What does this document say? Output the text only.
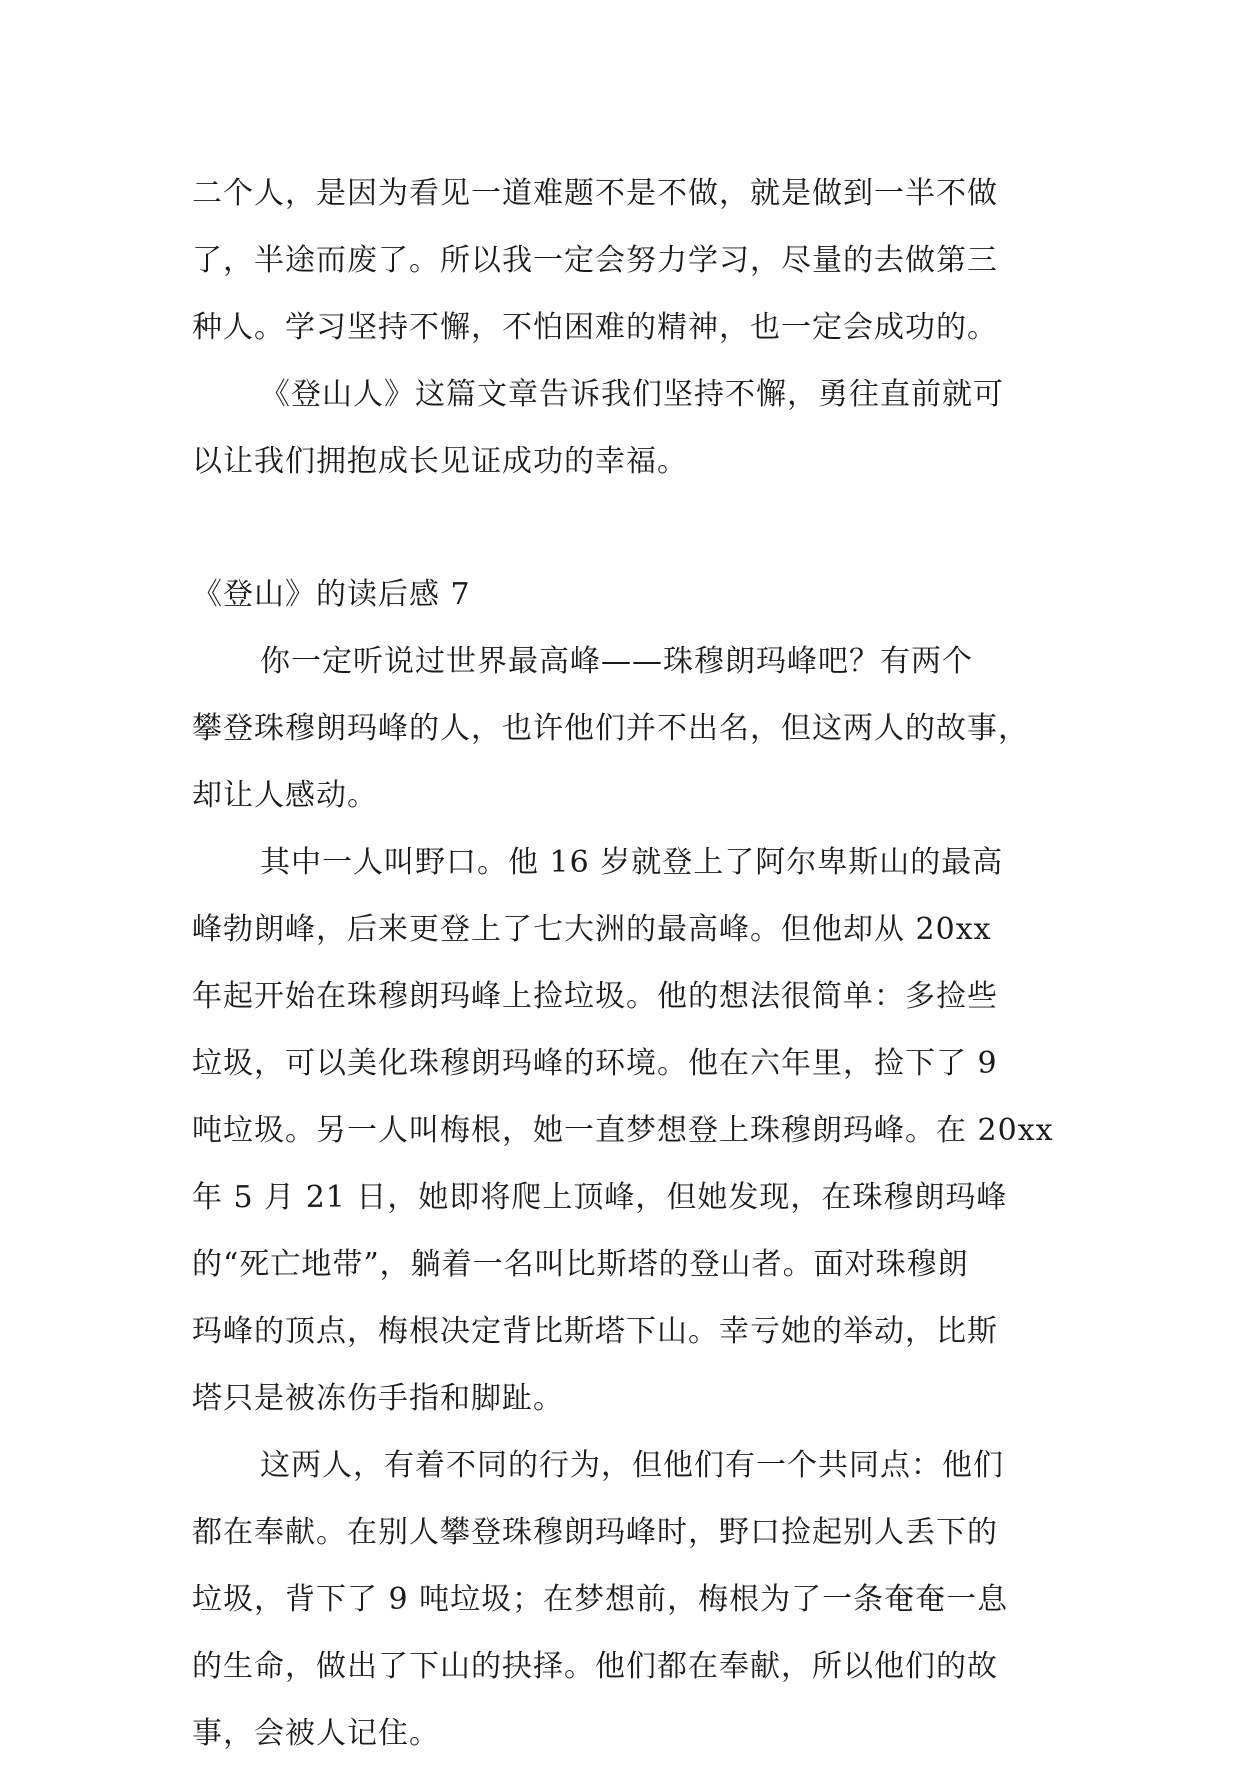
二个人，是因为看见一道难题不是不做，就是做到一半不做
了，半途而废了。所以我一定会努力学习，尽量的去做第三
种人。学习坚持不懈，不怕困难的精神，也一定会成功的。
《登山人》这篇文章告诉我们坚持不懈，勇往直前就可
以让我们拥抱成长见证成功的幸福。
《登山》的读后感 7
你一定听说过世界最高峰——珠穆朗玛峰吧？有两个
攀登珠穆朗玛峰的人，也许他们并不出名，但这两人的故事，
却让人感动。
其中一人叫野口。他 16 岁就登上了阿尔卑斯山的最高
峰勃朗峰，后来更登上了七大洲的最高峰。但他却从 20xx
年起开始在珠穆朗玛峰上捡垃圾。他的想法很简单：多捡些
垃圾，可以美化珠穆朗玛峰的环境。他在六年里，捡下了 9
吨垃圾。另一人叫梅根，她一直梦想登上珠穆朗玛峰。在 20xx
年 5 月 21 日，她即将爬上顶峰，但她发现，在珠穆朗玛峰
的“死亡地带”，躺着一名叫比斯塔的登山者。面对珠穆朗
玛峰的顶点，梅根决定背比斯塔下山。幸亏她的举动，比斯
塔只是被冻伤手指和脚趾。
这两人，有着不同的行为，但他们有一个共同点：他们
都在奉献。在别人攀登珠穆朗玛峰时，野口捡起别人丢下的
垃圾，背下了 9 吨垃圾；在梦想前，梅根为了一条奄奄一息
的生命，做出了下山的抉择。他们都在奉献，所以他们的故
事，会被人记住。
